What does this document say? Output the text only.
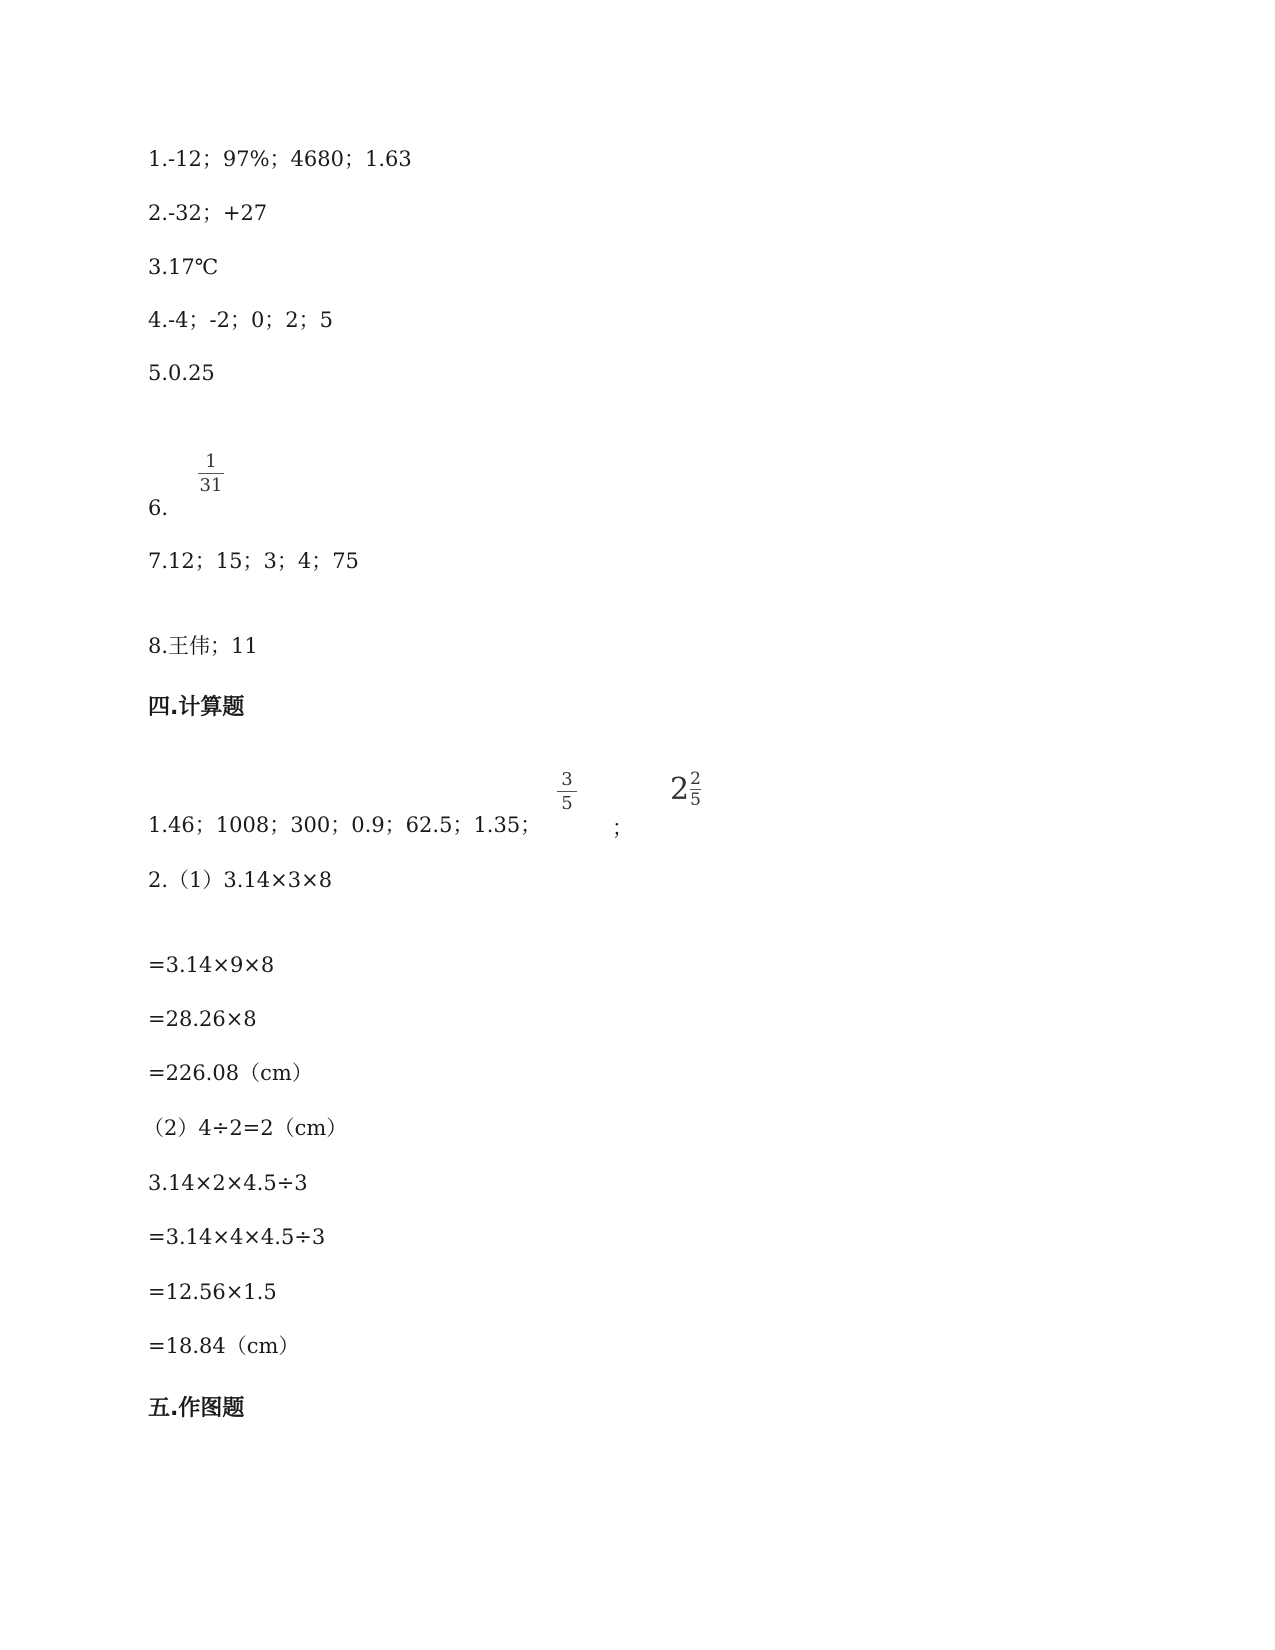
1.-12；97%；4680；1.63
2.-32；+27
3.17℃
4.-4；-2；0；2；5
5.0.25
1
31
6.
7.12；15；3；4；75
8.王伟；11
四.计算题
3
5	$2\frac{2}{5}$
1.46；1008；300；0.9；62.5；1.35；	；
2.（1）3.14×3×8
=3.14×9×8
=28.26×8
=226.08（cm）
（2）4÷2=2（cm）
3.14×2×4.5÷3
=3.14×4×4.5÷3
=12.56×1.5
=18.84（cm）
五.作图题
